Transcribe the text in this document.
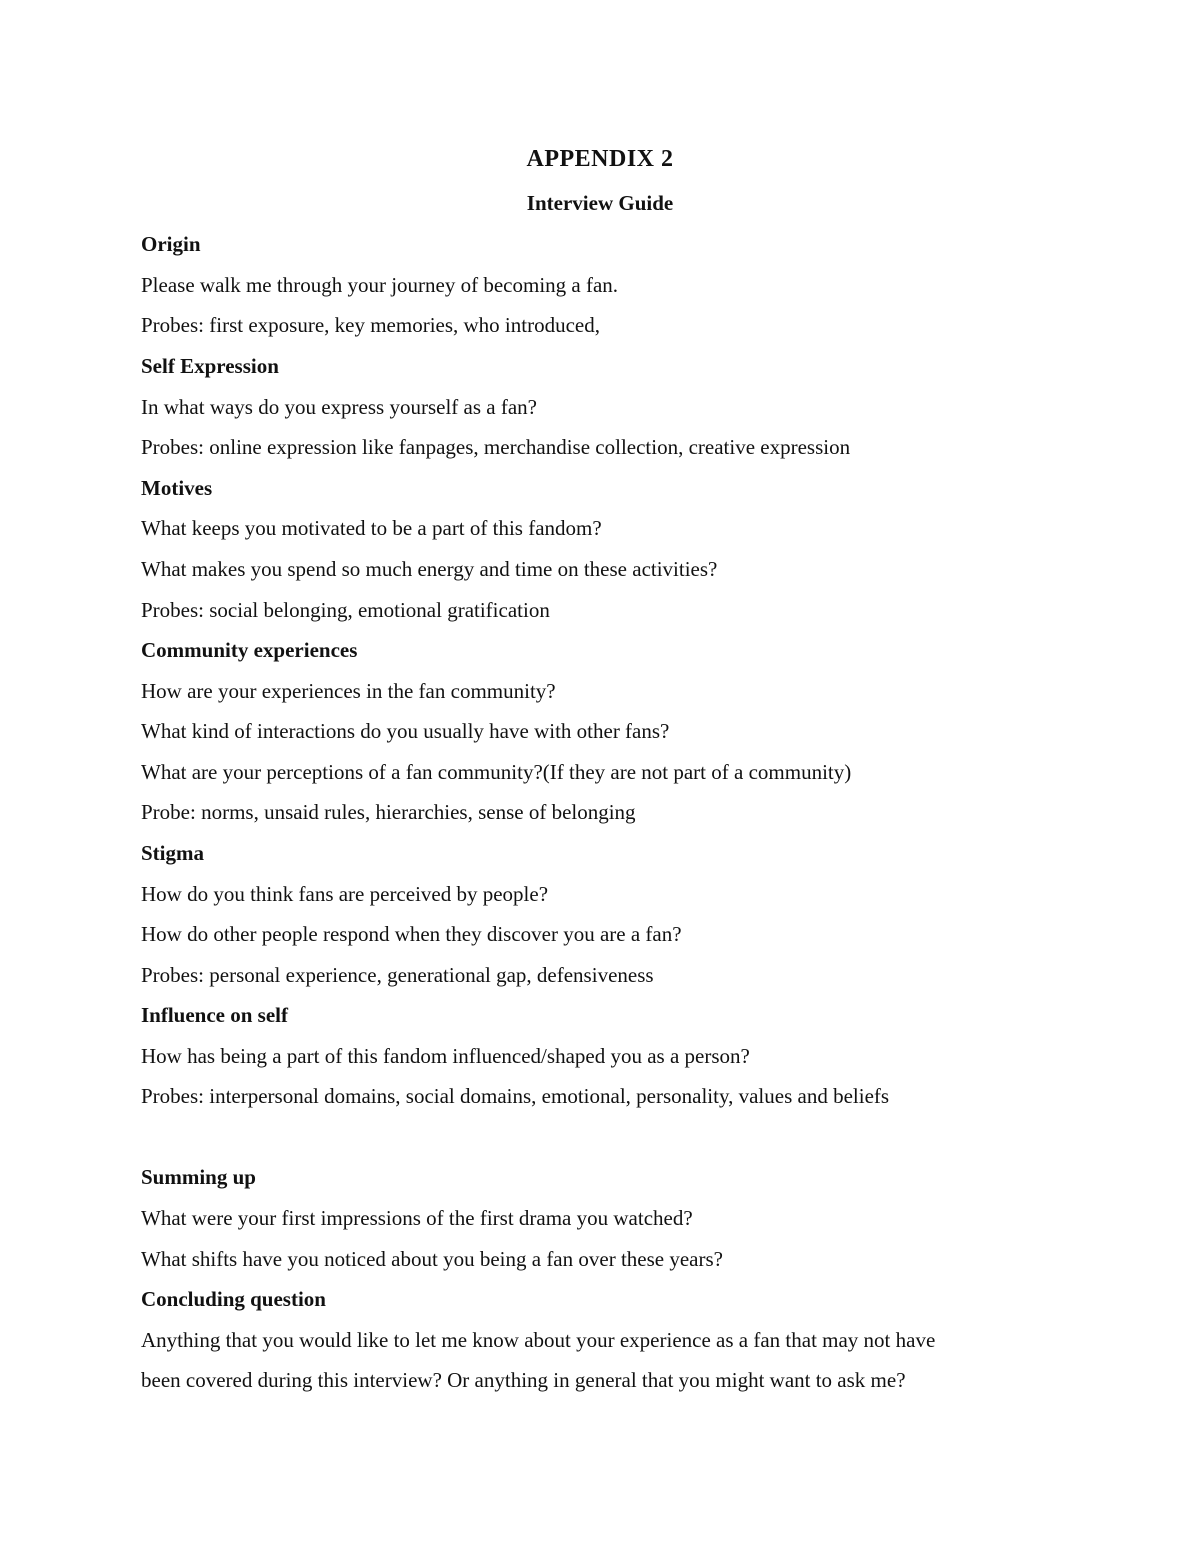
APPENDIX 2
Interview Guide
Origin
Please walk me through your journey of becoming a fan.
Probes: first exposure, key memories, who introduced,
Self Expression
In what ways do you express yourself as a fan?
Probes: online expression like fanpages, merchandise collection, creative expression
Motives
What keeps you motivated to be a part of this fandom?
What makes you spend so much energy and time on these activities?
Probes: social belonging, emotional gratification
Community experiences
How are your experiences in the fan community?
What kind of interactions do you usually have with other fans?
What are your perceptions of a fan community?(If they are not part of a community)
Probe: norms, unsaid rules, hierarchies, sense of belonging
Stigma
How do you think fans are perceived by people?
How do other people respond when they discover you are a fan?
Probes: personal experience, generational gap, defensiveness
Influence on self
How has being a part of this fandom influenced/shaped you as a person?
Probes: interpersonal domains, social domains, emotional, personality, values and beliefs
Summing up
What were your first impressions of the first drama you watched?
What shifts have you noticed about you being a fan over these years?
Concluding question
Anything that you would like to let me know about your experience as a fan that may not have
been covered during this interview? Or anything in general that you might want to ask me?
